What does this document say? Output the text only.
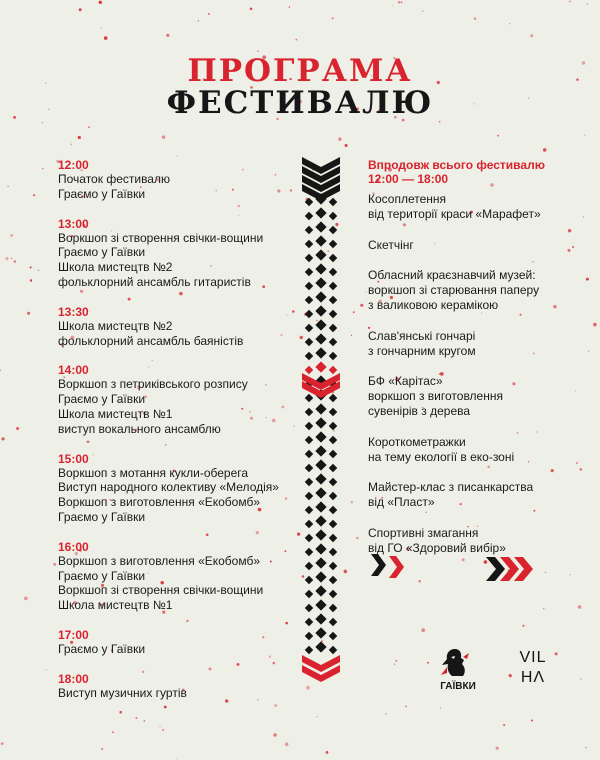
ПРОГРАМА
ФЕСТИВАЛЮ
12:00
Початок фестивалю
Граємо у Гаївки
13:00
Воркшоп зі створення свічки-вощини
Граємо у Гаївки
Школа мистецтв №2
фольклорний ансамбль гитаристів
13:30
Школа мистецтв №2
фольклорний ансамбль баяністів
14:00
Воркшоп з петриківського розпису
Граємо у Гаївки
Школа мистецтв №1
виступ вокального ансамблю
15:00
Воркшоп з мотання кукли-оберега
Виступ народного колективу «Мелодія»
Воркшоп з виготовлення «Екобомб»
Граємо у Гаївки
16:00
Воркшоп з виготовлення «Екобомб»
Граємо у Гаївки
Воркшоп зі створення свічки-вощини
Школа мистецтв №1
17:00
Граємо у Гаївки
18:00
Виступ музичних гуртів
Впродовж всього фестивалю
12:00 — 18:00
Косоплетення
від території краси «Марафет»
Скетчінг
Обласний краєзнавчий музей:
воркшоп зі старювання паперу
з валиковою керамікою
Слав'янські гончарі
з гончарним кругом
БФ «Карітас»
воркшоп з виготовлення
сувенірів з дерева
Короткометражки
на тему екології в еко-зоні
Майстер-клас з писанкарства
від «Пласт»
Спортивні змагання
від ГО «Здоровий вибір»
ГАЇВКИ
VIL
НΛ
